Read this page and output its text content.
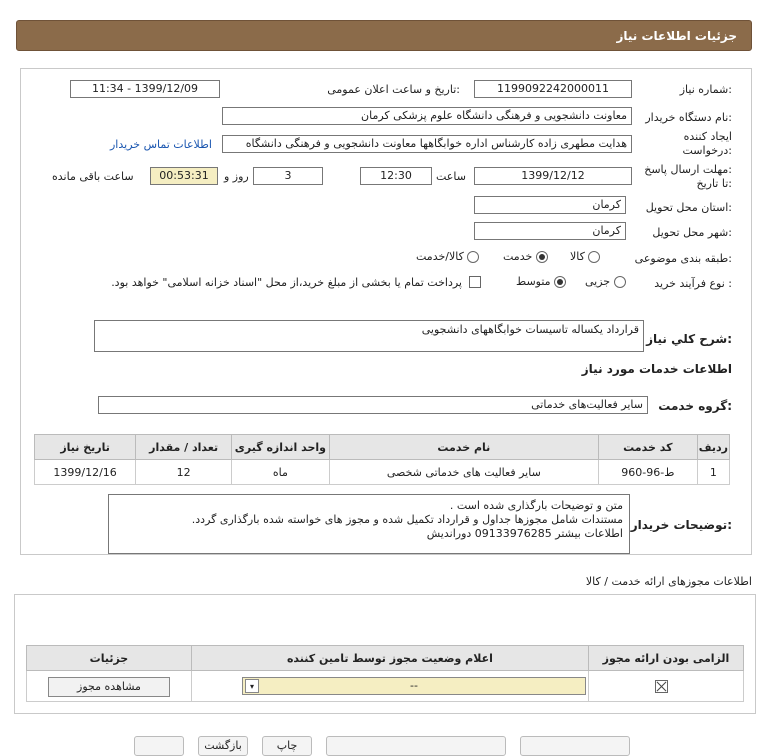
جزئیات اطلاعات نیاز
شماره نیاز:
1199092242000011
تاریخ و ساعت اعلان عمومی:
1399/12/09 - 11:34
نام دستگاه خریدار:
معاونت دانشجویی و فرهنگی دانشگاه علوم پزشکی کرمان
ایجاد کننده
درخواست:
هدایت مطهری زاده کارشناس اداره خوابگاهها معاونت دانشجویی و فرهنگی دانشگاه
اطلاعات تماس خریدار
مهلت ارسال پاسخ:
تا تاریخ:
1399/12/12
ساعت
12:30
3
روز و
00:53:31
ساعت باقی مانده
استان محل تحویل:
کرمان
شهر محل تحویل:
کرمان
طبقه بندی موضوعی:
کالا
خدمت
کالا/خدمت
نوع فرآیند خرید :
جزیی
متوسط
پرداخت تمام یا بخشی از مبلغ خرید،از محل "اسناد خزانه اسلامی" خواهد بود.
شرح کلي نیاز:
قرارداد یکساله تاسیسات خوابگاههای دانشجویی
اطلاعات خدمات مورد نیاز
گروه خدمت:
سایر فعالیت‌های خدماتی
تاریخ نیاز	تعداد / مقدار	واحد اندازه گیری	نام خدمت	کد خدمت	ردیف
1399/12/16	12	ماه	سایر فعالیت های خدماتی شخصی	ط-96-960	1
توضیحات خریدار:
متن و توضیحات بارگذاری شده است .
مستندات شامل مجوزها جداول و قرارداد تکمیل شده و مجوز های خواسته شده بارگذاری گردد.
اطلاعات بیشتر 09133976285 دورانديش
اطلاعات مجوزهای ارائه خدمت / کالا
جزئیات	اعلام وضعیت مجوز توسط تامین کننده	الزامی بودن ارائه مجوز

مشاهده مجوز	--
▾
بازگشت	چاپ
